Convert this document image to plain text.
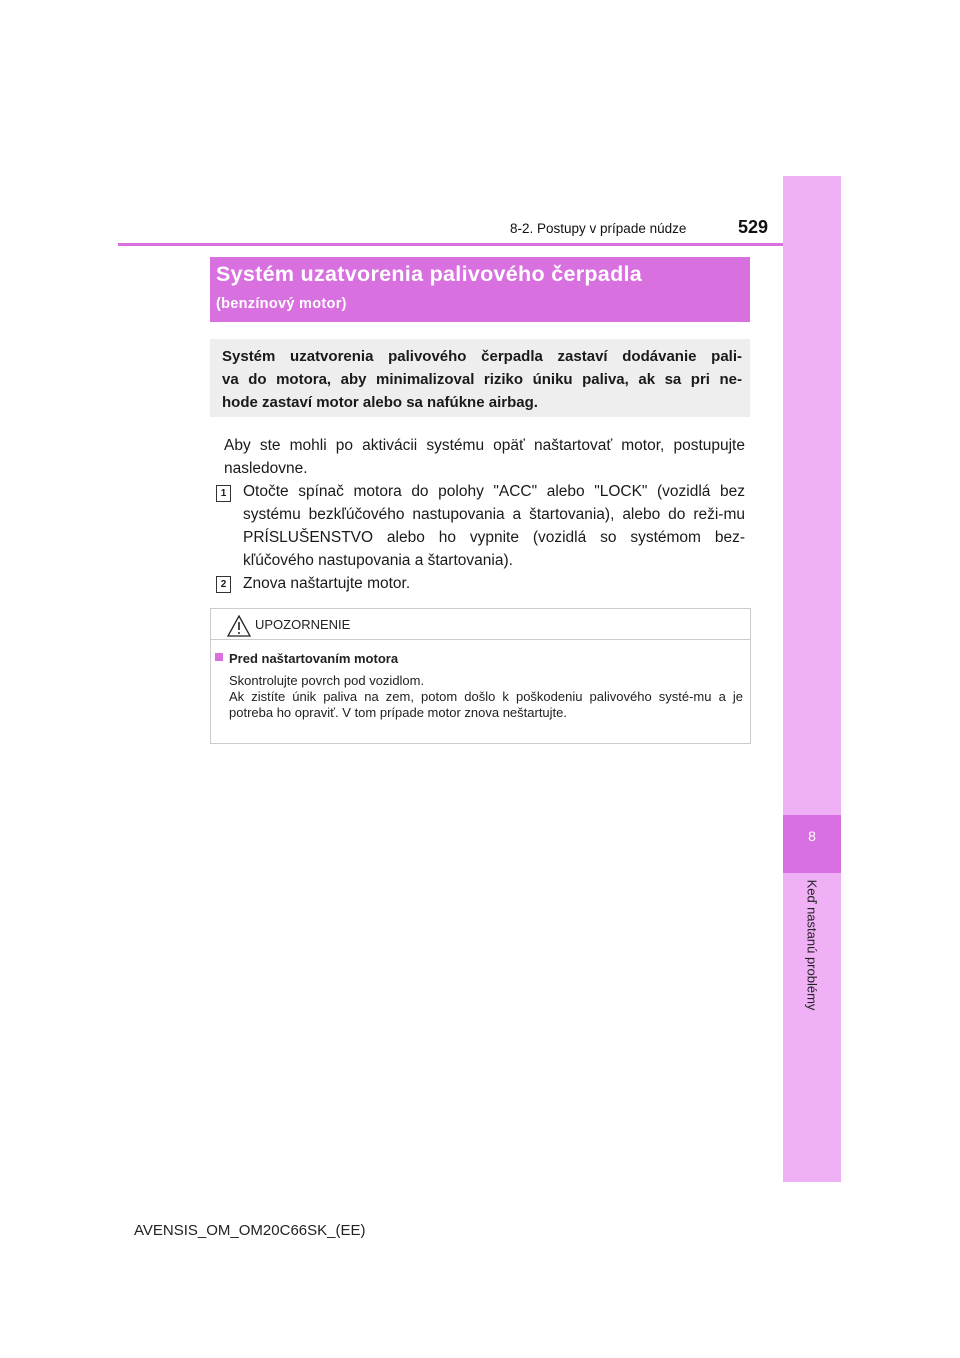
8
Keď nastanú problémy
8-2. Postupy v prípade núdze	529
Systém uzatvorenia palivového čerpadla
(benzínový motor)
Systém uzatvorenia palivového čerpadla zastaví dodávanie pali-
va do motora, aby minimalizoval riziko úniku paliva, ak sa pri ne-
hode zastaví motor alebo sa nafúkne airbag.
Aby ste mohli po aktivácii systému opäť naštartovať motor, postupujte nasledovne.
1	Otočte spínač motora do polohy "ACC" alebo "LOCK" (vozidlá bez systému bezkľúčového nastupovania a štartovania), alebo do reži-mu PRÍSLUŠENSTVO alebo ho vypnite (vozidlá so systémom bez-kľúčového nastupovania a štartovania).
2	Znova naštartujte motor.
UPOZORNENIE
Pred naštartovaním motora
Skontrolujte povrch pod vozidlom.
Ak zistíte únik paliva na zem, potom došlo k poškodeniu palivového systé-mu a je potreba ho opraviť. V tom prípade motor znova neštartujte.
AVENSIS_OM_OM20C66SK_(EE)
